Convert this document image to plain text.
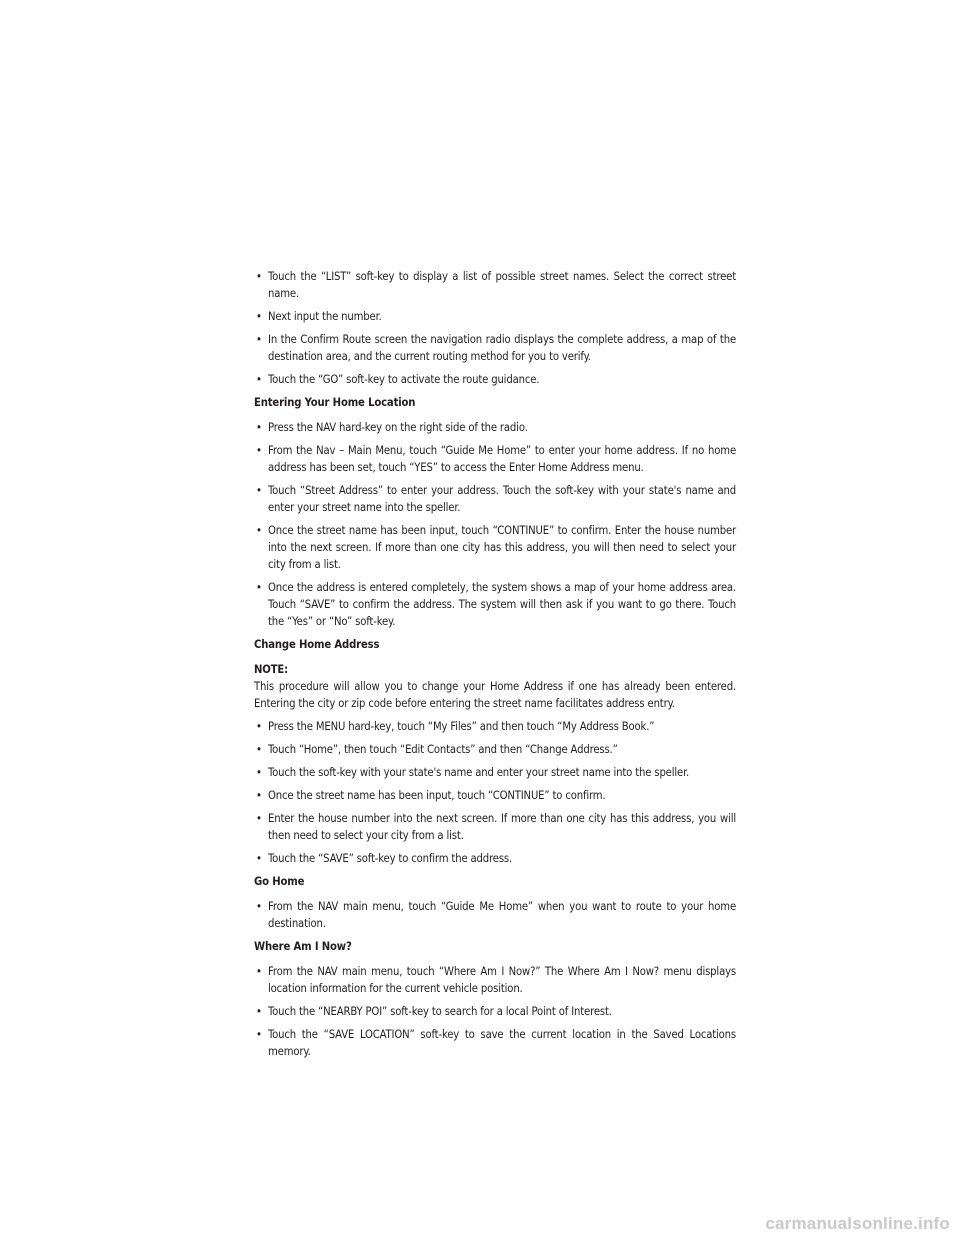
• Touch the “LIST” soft-key to display a list of possible street names. Select the correct street name.
• Next input the number.
• In the Confirm Route screen the navigation radio displays the complete address, a map of the destination area, and the current routing method for you to verify.
• Touch the “GO” soft-key to activate the route guidance.
Entering Your Home Location
• Press the NAV hard-key on the right side of the radio.
• From the Nav – Main Menu, touch “Guide Me Home” to enter your home address. If no home address has been set, touch “YES” to access the Enter Home Address menu.
• Touch “Street Address” to enter your address. Touch the soft-key with your state's name and enter your street name into the speller.
• Once the street name has been input, touch “CONTINUE” to confirm. Enter the house number into the next screen. If more than one city has this address, you will then need to select your city from a list.
• Once the address is entered completely, the system shows a map of your home address area. Touch “SAVE” to confirm the address. The system will then ask if you want to go there. Touch the “Yes” or “No” soft-key.
Change Home Address
NOTE:
This procedure will allow you to change your Home Address if one has already been entered. Entering the city or zip code before entering the street name facilitates address entry.
• Press the MENU hard-key, touch “My Files” and then touch “My Address Book.”
• Touch “Home”, then touch “Edit Contacts” and then “Change Address.”
• Touch the soft-key with your state's name and enter your street name into the speller.
• Once the street name has been input, touch “CONTINUE” to confirm.
• Enter the house number into the next screen. If more than one city has this address, you will then need to select your city from a list.
• Touch the “SAVE” soft-key to confirm the address.
Go Home
• From the NAV main menu, touch “Guide Me Home” when you want to route to your home destination.
Where Am I Now?
• From the NAV main menu, touch “Where Am I Now?” The Where Am I Now? menu displays location information for the current vehicle position.
• Touch the “NEARBY POI” soft-key to search for a local Point of Interest.
• Touch the “SAVE LOCATION” soft-key to save the current location in the Saved Locations memory.
carmanualsonline.info
